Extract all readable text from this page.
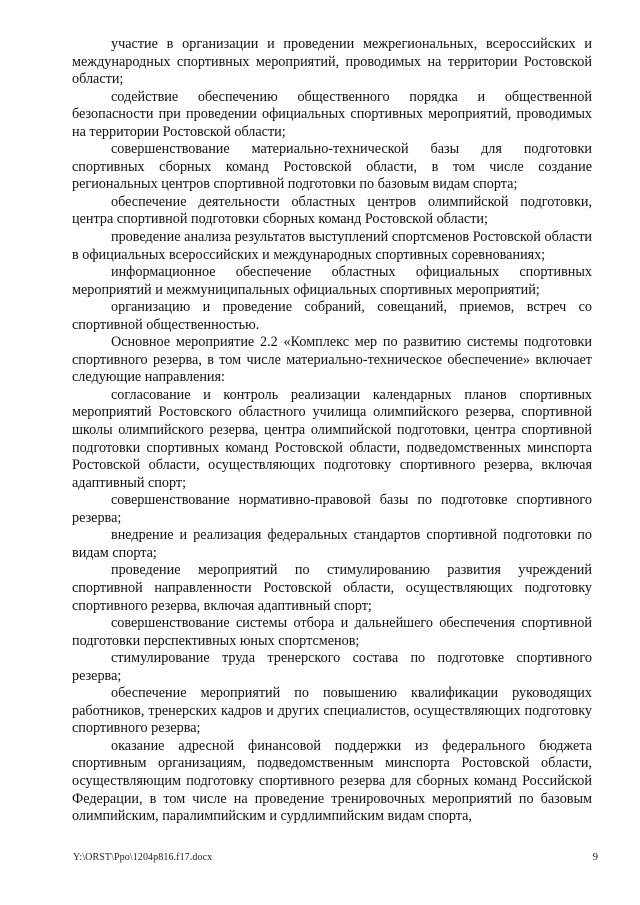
участие в организации и проведении межрегиональных, всероссийских и международных спортивных мероприятий, проводимых на территории Ростовской области;

содействие обеспечению общественного порядка и общественной безопасности при проведении официальных спортивных мероприятий, проводимых на территории Ростовской области;

совершенствование материально-технической базы для подготовки спортивных сборных команд Ростовской области, в том числе создание региональных центров спортивной подготовки по базовым видам спорта;

обеспечение деятельности областных центров олимпийской подготовки, центра спортивной подготовки сборных команд Ростовской области;

проведение анализа результатов выступлений спортсменов Ростовской области в официальных всероссийских и международных спортивных соревнованиях;

информационное обеспечение областных официальных спортивных мероприятий и межмуниципальных официальных спортивных мероприятий;

организацию и проведение собраний, совещаний, приемов, встреч со спортивной общественностью.

Основное мероприятие 2.2 «Комплекс мер по развитию системы подготовки спортивного резерва, в том числе материально-техническое обеспечение» включает следующие направления:

согласование и контроль реализации календарных планов спортивных мероприятий Ростовского областного училища олимпийского резерва, спортивной школы олимпийского резерва, центра олимпийской подготовки, центра спортивной подготовки спортивных команд Ростовской области, подведомственных минспорта Ростовской области, осуществляющих подготовку спортивного резерва, включая адаптивный спорт;

совершенствование нормативно-правовой базы по подготовке спортивного резерва;

внедрение и реализация федеральных стандартов спортивной подготовки по видам спорта;

проведение мероприятий по стимулированию развития учреждений спортивной направленности Ростовской области, осуществляющих подготовку спортивного резерва, включая адаптивный спорт;

совершенствование системы отбора и дальнейшего обеспечения спортивной подготовки перспективных юных спортсменов;

стимулирование труда тренерского состава по подготовке спортивного резерва;

обеспечение мероприятий по повышению квалификации руководящих работников, тренерских кадров и других специалистов, осуществляющих подготовку спортивного резерва;

оказание адресной финансовой поддержки из федерального бюджета спортивным организациям, подведомственным минспорта Ростовской области, осуществляющим подготовку спортивного резерва для сборных команд Российской Федерации, в том числе на проведение тренировочных мероприятий по базовым олимпийским, паралимпийским и сурдлимпийским видам спорта,

Y:\ORST\Ppo\1204p816.f17.docx	9
